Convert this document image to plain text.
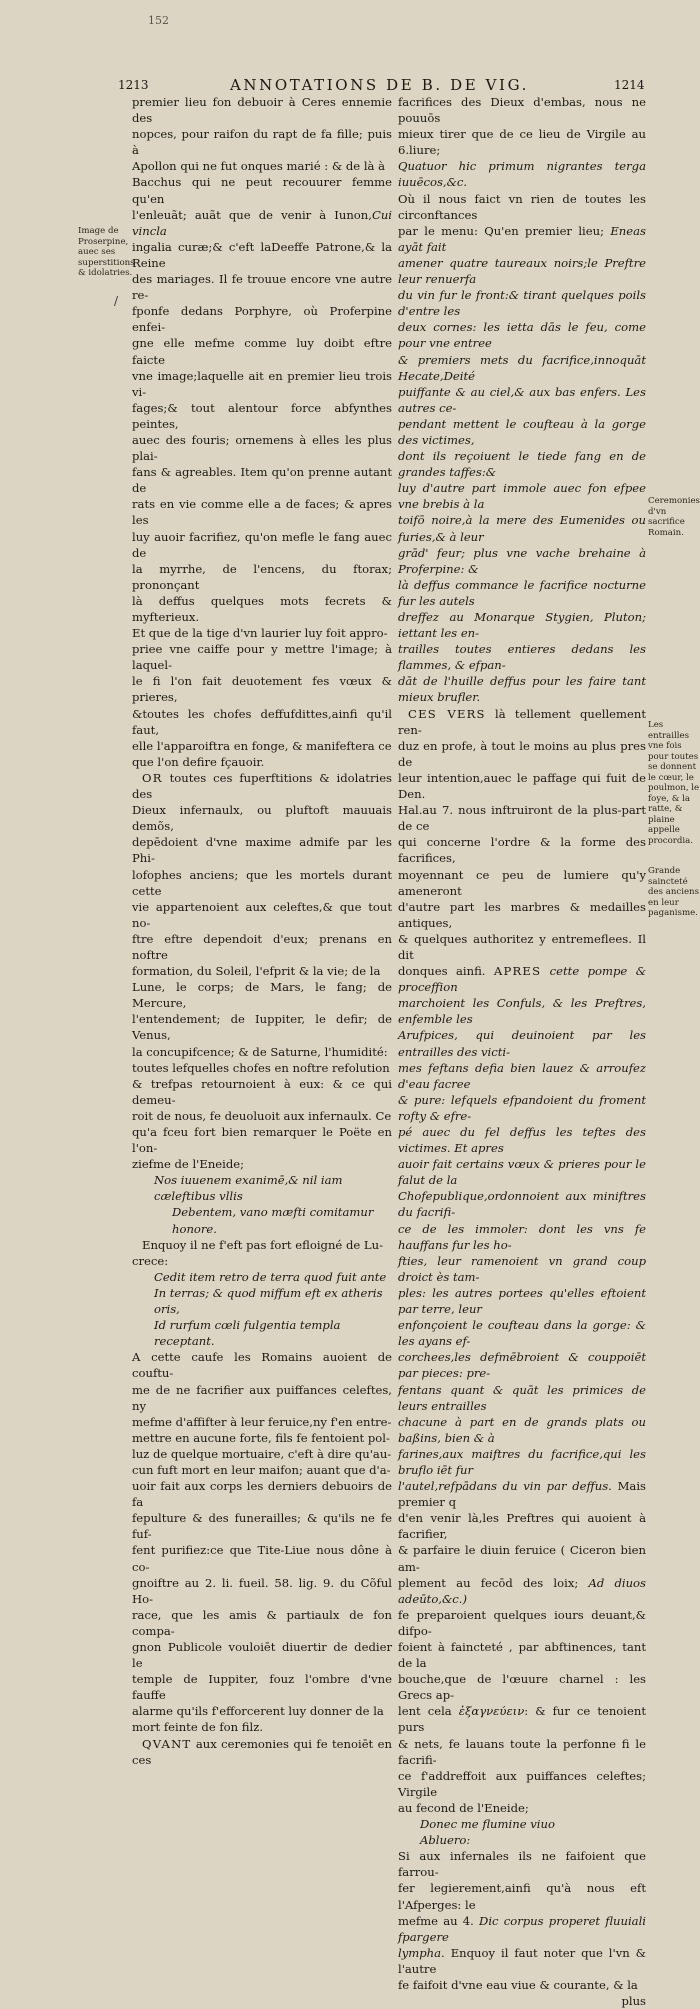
152
1213	ANNOTATIONS DE B. DE VIG.	1214
Image de Proserpine, auec ses superstitions & idolatries.
Ceremonies d'vn sacrifice Romain.
Les entrailles vne fois pour toutes se donnent le cœur, le poulmon, le foye, & la ratte, & plaine appelle procordia.
Grande saincteté des anciens en leur paganisme.
/

premier lieu fon debuoir à Ceres ennemie des

nopces, pour raifon du rapt de fa fille; puis à

Apollon qui ne fut onques marié : & de là à

Bacchus qui ne peut recouurer femme qu'en

l'enleuãt; auãt que de venir à Iunon,Cui vincla

ingalia curæ;& c'eft laDeeffe Patrone,& la Reine

des mariages. Il fe trouue encore vne autre re-

fponfe dedans Porphyre, où Proferpine enfei-

gne elle mefme comme luy doibt eftre faicte

vne image;laquelle ait en premier lieu trois vi-

fages;& tout alentour force abfynthes peintes,

auec des fouris; ornemens à elles les plus plai-

fans & agreables. Item qu'on prenne autant de

rats en vie comme elle a de faces; & apres les

luy auoir facrifiez, qu'on mefle le fang auec de

la myrrhe, de l'encens, du ftorax; prononçant

là deffus quelques mots fecrets & myfterieux.

Et que de la tige d'vn laurier luy foit appro-

priee vne caiffe pour y mettre l'image; à laquel-

le fi l'on fait deuotement fes vœux & prieres,

&toutes les chofes deffufdittes,ainfi qu'il faut,

elle l'apparoiftra en fonge, & manifeftera ce

que l'on defire fçauoir.

OR toutes ces fuperftitions & idolatries des

Dieux infernaulx, ou pluftoft mauuais demõs,

depēdoient d'vne maxime admife par les Phi-

lofophes anciens; que les mortels durant cette

vie appartenoient aux celeftes,& que tout no-

ftre eftre dependoit d'eux; prenans en noftre

formation, du Soleil, l'efprit & la vie; de la

Lune, le corps; de Mars, le fang; de Mercure,

l'entendement; de Iuppiter, le defir; de Venus,

la concupifcence; & de Saturne, l'humidité:

toutes lefquelles chofes en noftre refolution

& trefpas retournoient à eux: & ce qui demeu-

roit de nous, fe deuoluoit aux infernaulx. Ce

qu'a fceu fort bien remarquer le Poëte en l'on-

ziefme de l'Eneide;

Nos iuuenem exanimē,& nil iam cæleftibus vllis

Debentem, vano mæfti comitamur honore.

Enquoy il ne f'eft pas fort efloigné de Lu-

crece:

Cedit item retro de terra quod fuit ante

In terras; & quod miffum eft ex atheris oris,

Id rurfum cœli fulgentia templa receptant.

A cette caufe les Romains auoient de couftu-

me de ne facrifier aux puiffances celeftes, ny

mefme d'affifter à leur feruice,ny f'en entre-

mettre en aucune forte, fils fe fentoient pol-

luz de quelque mortuaire, c'eft à dire qu'au-

cun fuft mort en leur maifon; auant que d'a-

uoir fait aux corps les derniers debuoirs de fa

fepulture & des funerailles; & qu'ils ne fe fuf-

fent purifiez:ce que Tite-Liue nous dône à co-

gnoiftre au 2. li. fueil. 58. lig. 9. du Cõful Ho-

race, que les amis & partiaulx de fon compa-

gnon Publicole vouloiēt diuertir de dedier le

temple de Iuppiter, fouz l'ombre d'vne fauffe

alarme qu'ils f'efforcerent luy donner de la

mort feinte de fon filz.

QVANT aux ceremonies qui fe tenoiēt en ces

facrifices des Dieux d'embas, nous ne pouuōs

mieux tirer que de ce lieu de Virgile au 6.liure;

Quatuor hic primum nigrantes terga iuuēcos,&c.

Où il nous faict vn rien de toutes les circonftances

par le menu: Qu'en premier lieu; Eneas ayāt fait

amener quatre taureaux noirs;le Preftre leur renuerfa

du vin fur le front:& tirant quelques poils d'entre les

deux cornes: les ietta dās le feu, come pour vne entree

& premiers mets du facrifice,innoquāt Hecate,Deité

puiffante & au ciel,& aux bas enfers. Les autres ce-

pendant mettent le coufteau à la gorge des victimes,

dont ils reçoiuent le tiede fang en de grandes taffes:&

luy d'autre part immole auec fon efpee vne brebis à la

toifō noire,à la mere des Eumenides ou furies,& à leur

grād' feur; plus vne vache brehaine à Proferpine: &

là deffus commance le facrifice nocturne fur les autels

dreffez au Monarque Stygien, Pluton; iettant les en-

trailles toutes entieres dedans les flammes, & efpan-

dāt de l'huille deffus pour les faire tant mieux brufler.

CES VERS là tellement quellement ren-

duz en profe, à tout le moins au plus pres de

leur intention,auec le paffage qui fuit de Den.

Hal.au 7. nous inftruiront de la plus-part de ce

qui concerne l'ordre & la forme des facrifices,

moyennant ce peu de lumiere qu'y ameneront

d'autre part les marbres & medailles antiques,

& quelques authoritez y entremeflees. Il dit

donques ainfi. APRES cette pompe & proceffion

marchoient les Confuls, & les Preftres, enfemble les

Arufpices, qui deuinoient par les entrailles des victi-

mes feftans defia bien lauez & arroufez d'eau facree

& pure: lefquels efpandoient du froment rofty & efre-

pé auec du fel deffus les teftes des victimes. Et apres

auoir fait certains vœux & prieres pour le falut de la

Chofepublique,ordonnoient aux miniftres du facrifi-

ce de les immoler: dont les vns fe hauffans fur les ho-

fties, leur ramenoient vn grand coup droict ès tam-

ples: les autres portees qu'elles eftoient par terre, leur

enfonçoient le coufteau dans la gorge: & les ayans ef-

corchees,les defmēbroient & couppoiēt par pieces: pre-

fentans quant & quāt les primices de leurs entrailles

chacune à part en de grands plats ou baßins, bien & à

farines,aux maiftres du facrifice,qui les bruflo iēt fur

l'autel,refpādans du vin par deffus. Mais premier q

d'en venir là,les Preftres qui auoient à facrifier,

& parfaire le diuin feruice ( Ciceron bien am-

plement au fecōd des loix; Ad diuos adeūto,&c.)

fe preparoient quelques iours deuant,& difpo-

foient à faincteté , par abftinences, tant de la

bouche,que de l'œuure charnel : les Grecs ap-

lent cela ἐξαγνεύειν: & fur ce tenoient purs

& nets, fe lauans toute la perfonne fi le facrifi-

ce f'addreffoit aux puiffances celeftes; Virgile

au fecond de l'Eneide;

Donec me flumine viuo

Abluero:

Si aux infernales ils ne faifoient que farrou-

fer legierement,ainfi qu'à nous eft l'Afperges: le

mefme au 4. Dic corpus properet fluuiali fpargere

lympha. Enquoy il faut noter que l'vn & l'autre

fe faifoit d'vne eau viue & courante, & la

plus
